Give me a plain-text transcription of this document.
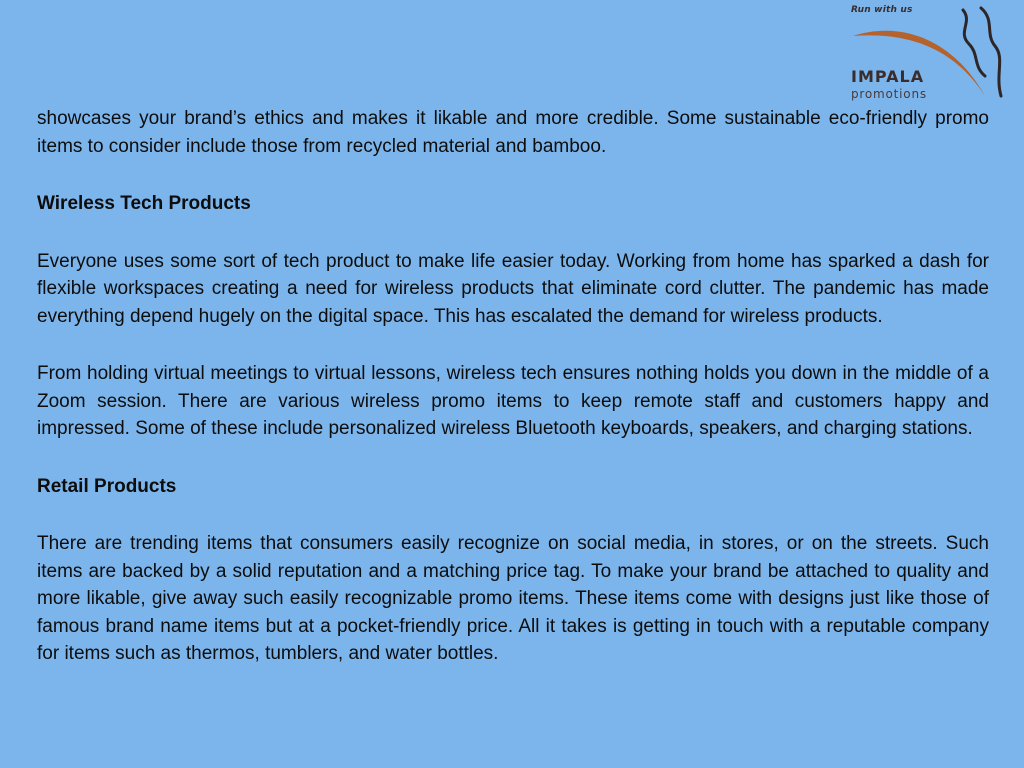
Run with us
IMPALA
promotions

showcases your brand’s ethics and makes it likable and more credible. Some sustainable eco-friendly promo items to consider include those from recycled material and bamboo.

Wireless Tech Products

Everyone uses some sort of tech product to make life easier today. Working from home has sparked a dash for flexible workspaces creating a need for wireless products that eliminate cord clutter. The pandemic has made everything depend hugely on the digital space. This has escalated the demand for wireless products.

From holding virtual meetings to virtual lessons, wireless tech ensures nothing holds you down in the middle of a Zoom session. There are various wireless promo items to keep remote staff and customers happy and impressed. Some of these include personalized wireless Bluetooth keyboards, speakers, and charging stations.

Retail Products

There are trending items that consumers easily recognize on social media, in stores, or on the streets. Such items are backed by a solid reputation and a matching price tag. To make your brand be attached to quality and more likable, give away such easily recognizable promo items. These items come with designs just like those of famous brand name items but at a pocket-friendly price. All it takes is getting in touch with a reputable company for items such as thermos, tumblers, and water bottles.
